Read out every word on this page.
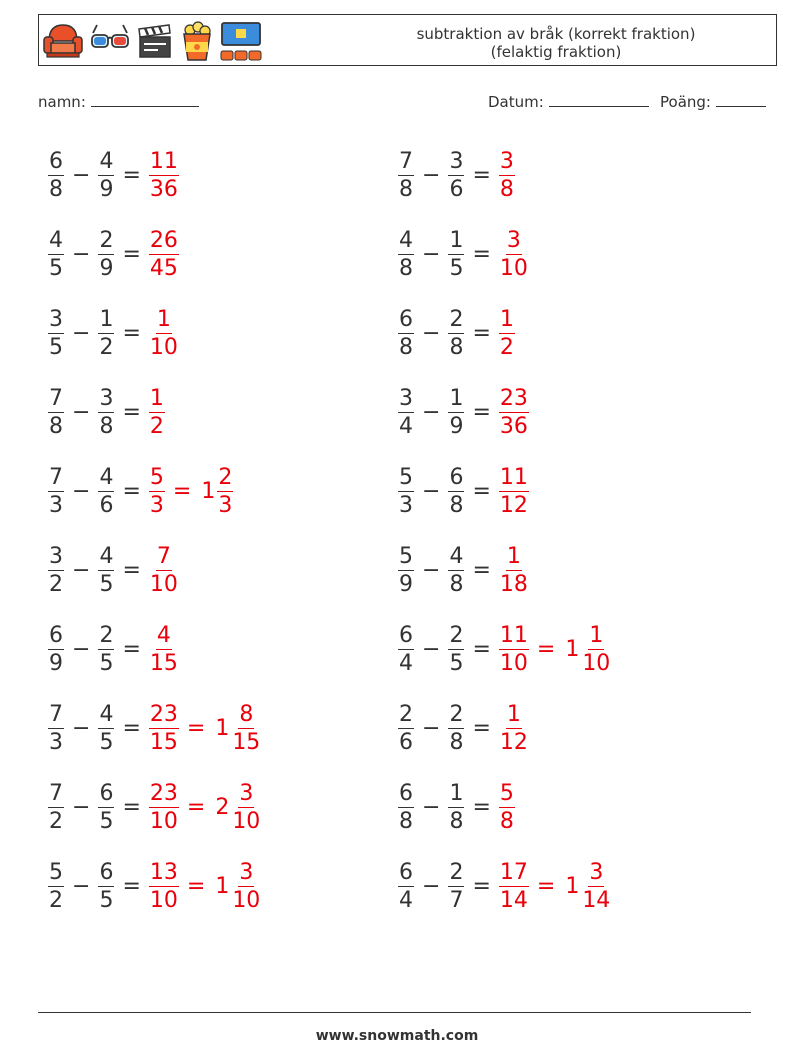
subtraktion av bråk (korrekt fraktion)
(felaktig fraktion)
namn:	Datum:	Poäng:
$\frac{6}{8} - \frac{4}{9} = \frac{11}{36}$
$\frac{4}{5} - \frac{2}{9} = \frac{26}{45}$
$\frac{3}{5} - \frac{1}{2} = \frac{1}{10}$
$\frac{7}{8} - \frac{3}{8} = \frac{1}{2}$
$\frac{7}{3} - \frac{4}{6} = \frac{5}{3} = 1 \frac{2}{3}$
$\frac{3}{2} - \frac{4}{5} = \frac{7}{10}$
$\frac{6}{9} - \frac{2}{5} = \frac{4}{15}$
$\frac{7}{3} - \frac{4}{5} = \frac{23}{15} = 1 \frac{8}{15}$
$\frac{7}{2} - \frac{6}{5} = \frac{23}{10} = 2 \frac{3}{10}$
$\frac{5}{2} - \frac{6}{5} = \frac{13}{10} = 1 \frac{3}{10}$
$\frac{7}{8} - \frac{3}{6} = \frac{3}{8}$
$\frac{4}{8} - \frac{1}{5} = \frac{3}{10}$
$\frac{6}{8} - \frac{2}{8} = \frac{1}{2}$
$\frac{3}{4} - \frac{1}{9} = \frac{23}{36}$
$\frac{5}{3} - \frac{6}{8} = \frac{11}{12}$
$\frac{5}{9} - \frac{4}{8} = \frac{1}{18}$
$\frac{6}{4} - \frac{2}{5} = \frac{11}{10} = 1 \frac{1}{10}$
$\frac{2}{6} - \frac{2}{8} = \frac{1}{12}$
$\frac{6}{8} - \frac{1}{8} = \frac{5}{8}$
$\frac{6}{4} - \frac{2}{7} = \frac{17}{14} = 1 \frac{3}{14}$
www.snowmath.com
